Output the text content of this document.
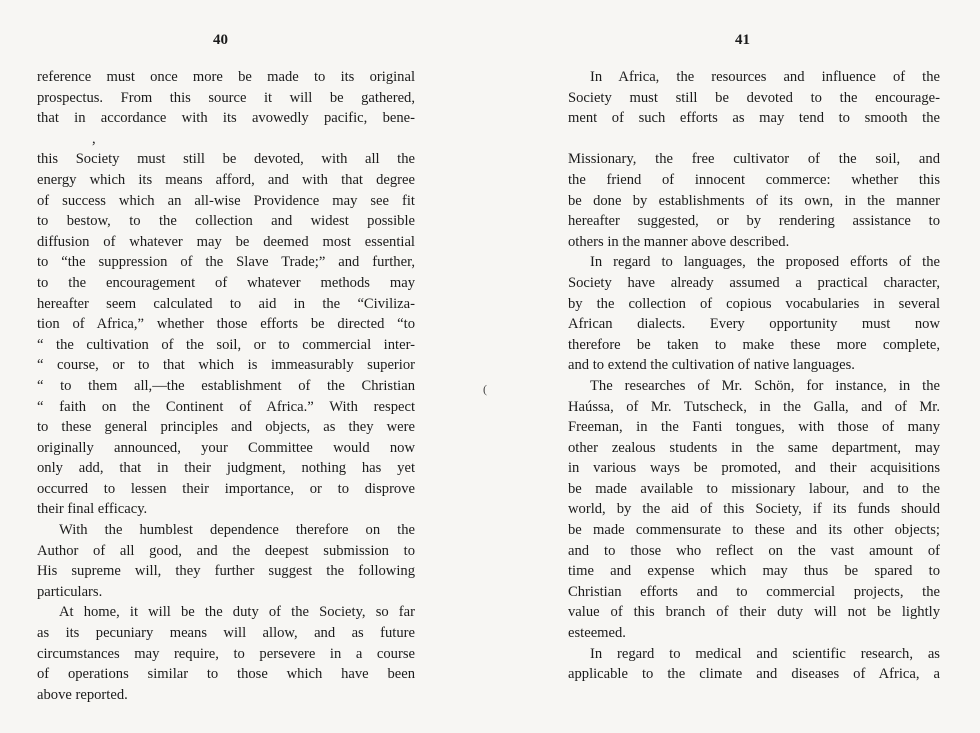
40
reference must once more be made to its original
prospectus. From this source it will be gathered,
that in accordance with its avowedly pacific, bene-
,
this Society must still be devoted, with all the
energy which its means afford, and with that degree
of success which an all-wise Providence may see fit
to bestow, to the collection and widest possible
diffusion of whatever may be deemed most essential
to “the suppression of the Slave Trade;” and further,
to the encouragement of whatever methods may
hereafter seem calculated to aid in the “Civiliza-
tion of Africa,” whether those efforts be directed “to
“ the cultivation of the soil, or to commercial inter-
“ course, or to that which is immeasurably superior
“ to them all,—the establishment of the Christian
“ faith on the Continent of Africa.” With respect
to these general principles and objects, as they were
originally announced, your Committee would now
only add, that in their judgment, nothing has yet
occurred to lessen their importance, or to disprove
their final efficacy.
With the humblest dependence therefore on the
Author of all good, and the deepest submission to
His supreme will, they further suggest the following
particulars.
At home, it will be the duty of the Society, so far
as its pecuniary means will allow, and as future
circumstances may require, to persevere in a course
of operations similar to those which have been
above reported.
41
In Africa, the resources and influence of the
Society must still be devoted to the encourage-
ment of such efforts as may tend to smooth the
Missionary, the free cultivator of the soil, and
the friend of innocent commerce: whether this
be done by establishments of its own, in the manner
hereafter suggested, or by rendering assistance to
others in the manner above described.
In regard to languages, the proposed efforts of the
Society have already assumed a practical character,
by the collection of copious vocabularies in several
African dialects. Every opportunity must now
therefore be taken to make these more complete,
and to extend the cultivation of native languages.
The researches of Mr. Schön, for instance, in the
Haússa, of Mr. Tutscheck, in the Galla, and of Mr.
Freeman, in the Fanti tongues, with those of many
other zealous students in the same department, may
in various ways be promoted, and their acquisitions
be made available to missionary labour, and to the
world, by the aid of this Society, if its funds should
be made commensurate to these and its other objects;
and to those who reflect on the vast amount of
time and expense which may thus be spared to
Christian efforts and to commercial projects, the
value of this branch of their duty will not be lightly
esteemed.
In regard to medical and scientific research, as
applicable to the climate and diseases of Africa, a
(
